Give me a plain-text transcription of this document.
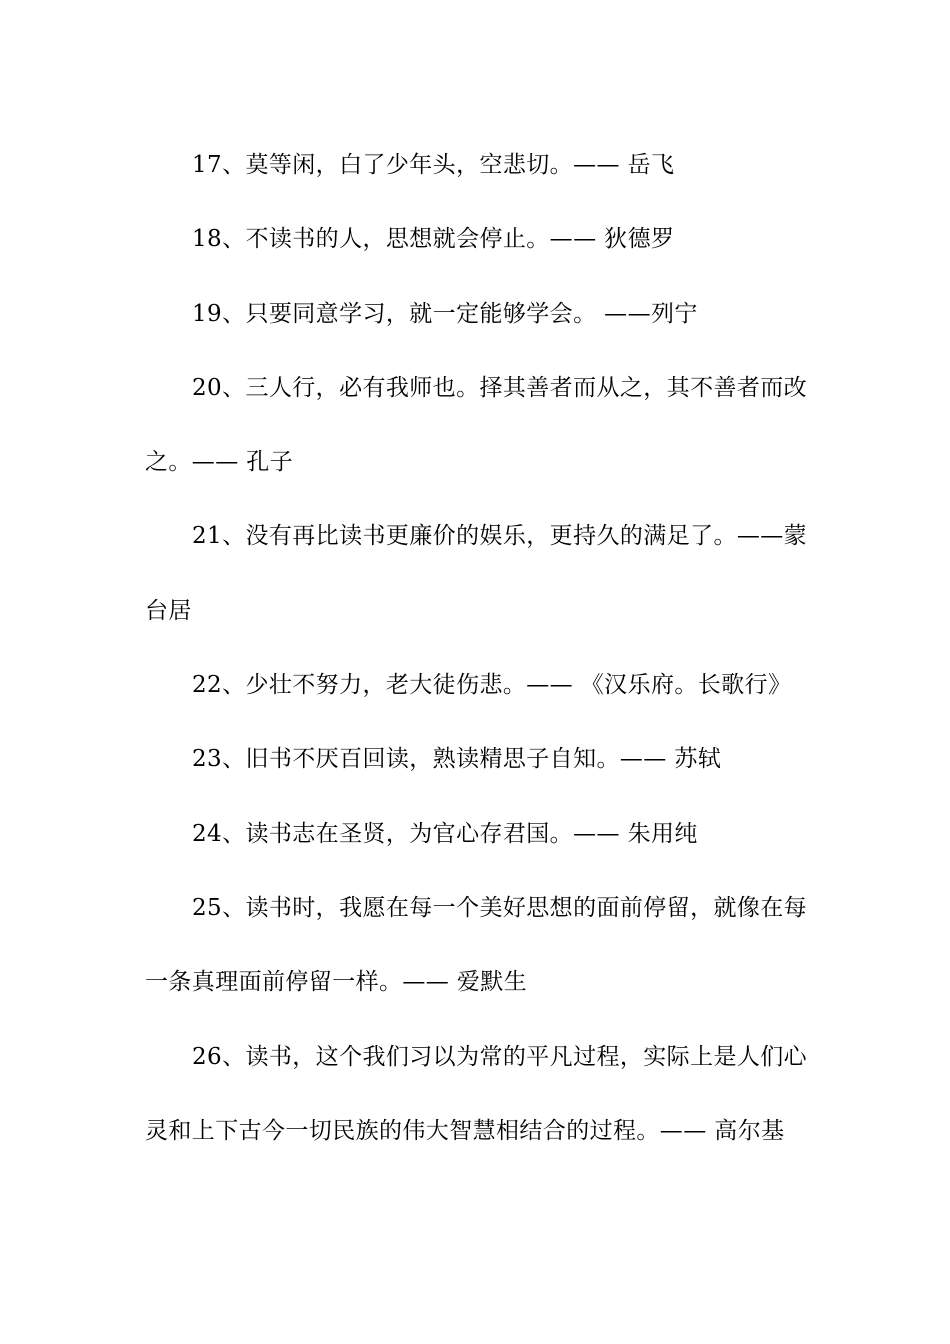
17、莫等闲，白了少年头，空悲切。—— 岳飞

18、不读书的人，思想就会停止。—— 狄德罗

19、只要同意学习，就一定能够学会。 ——列宁

20、三人行，必有我师也。择其善者而从之，其不善者而改之。—— 孔子

21、没有再比读书更廉价的娱乐，更持久的满足了。——蒙台居

22、少壮不努力，老大徒伤悲。—— 《汉乐府。长歌行》

23、旧书不厌百回读，熟读精思子自知。—— 苏轼

24、读书志在圣贤，为官心存君国。—— 朱用纯

25、读书时，我愿在每一个美好思想的面前停留，就像在每一条真理面前停留一样。—— 爱默生

26、读书，这个我们习以为常的平凡过程，实际上是人们心灵和上下古今一切民族的伟大智慧相结合的过程。—— 高尔基
